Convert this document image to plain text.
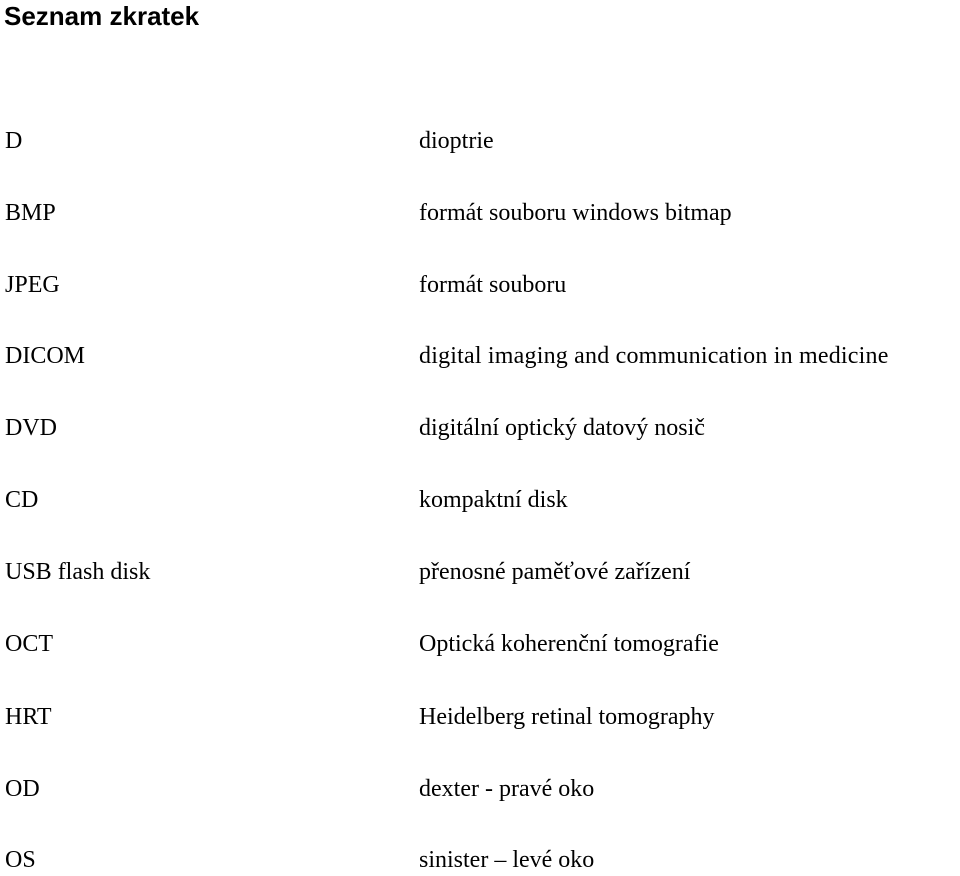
Seznam zkratek
D	dioptrie
BMP	formát souboru windows bitmap
JPEG	formát souboru
DICOM	digital imaging and communication in medicine
DVD	digitální optický datový nosič
CD	kompaktní disk
USB flash disk	přenosné paměťové zařízení
OCT	Optická koherenční tomografie
HRT	Heidelberg retinal tomography
OD	dexter - pravé oko
OS	sinister – levé oko
